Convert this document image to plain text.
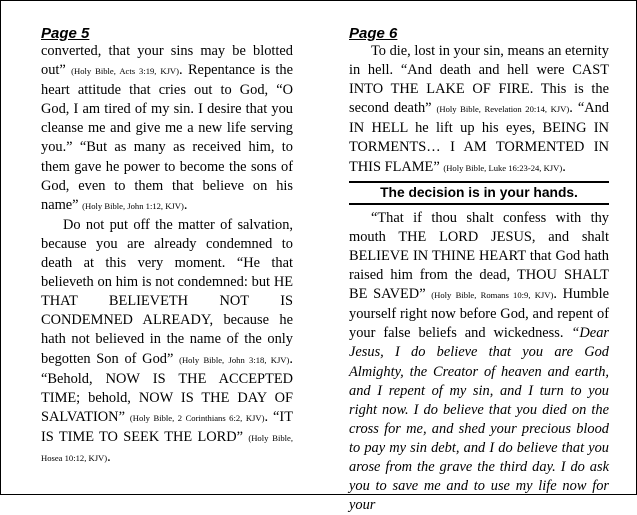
Page 5

converted, that your sins may be blotted out” (Holy Bible, Acts 3:19, KJV). Repentance is the heart attitude that cries out to God, “O God, I am tired of my sin. I desire that you cleanse me and give me a new life serving you.” “But as many as received him, to them gave he power to become the sons of God, even to them that believe on his name” (Holy Bible, John 1:12, KJV).

Do not put off the matter of salvation, because you are already condemned to death at this very moment. “He that believeth on him is not condemned: but HE THAT BELIEVETH NOT IS CONDEMNED ALREADY, because he hath not believed in the name of the only begotten Son of God” (Holy Bible, John 3:18, KJV). “Behold, NOW IS THE ACCEPTED TIME; behold, NOW IS THE DAY OF SALVATION” (Holy Bible, 2 Corinthians 6:2, KJV). “IT IS TIME TO SEEK THE LORD” (Holy Bible, Hosea 10:12, KJV).

Page 6

To die, lost in your sin, means an eternity in hell. “And death and hell were CAST INTO THE LAKE OF FIRE. This is the second death” (Holy Bible, Revelation 20:14, KJV). “And IN HELL he lift up his eyes, BEING IN TORMENTS… I AM TORMENTED IN THIS FLAME” (Holy Bible, Luke 16:23-24, KJV).

The decision is in your hands.

“That if thou shalt confess with thy mouth THE LORD JESUS, and shalt BELIEVE IN THINE HEART that God hath raised him from the dead, THOU SHALT BE SAVED” (Holy Bible, Romans 10:9, KJV). Humble yourself right now before God, and repent of your false beliefs and wickedness. “Dear Jesus, I do believe that you are God Almighty, the Creator of heaven and earth, and I repent of my sin, and I turn to you right now. I do believe that you died on the cross for me, and shed your precious blood to pay my sin debt, and I do believe that you arose from the grave the third day. I do ask you to save me and to use my life now for your
